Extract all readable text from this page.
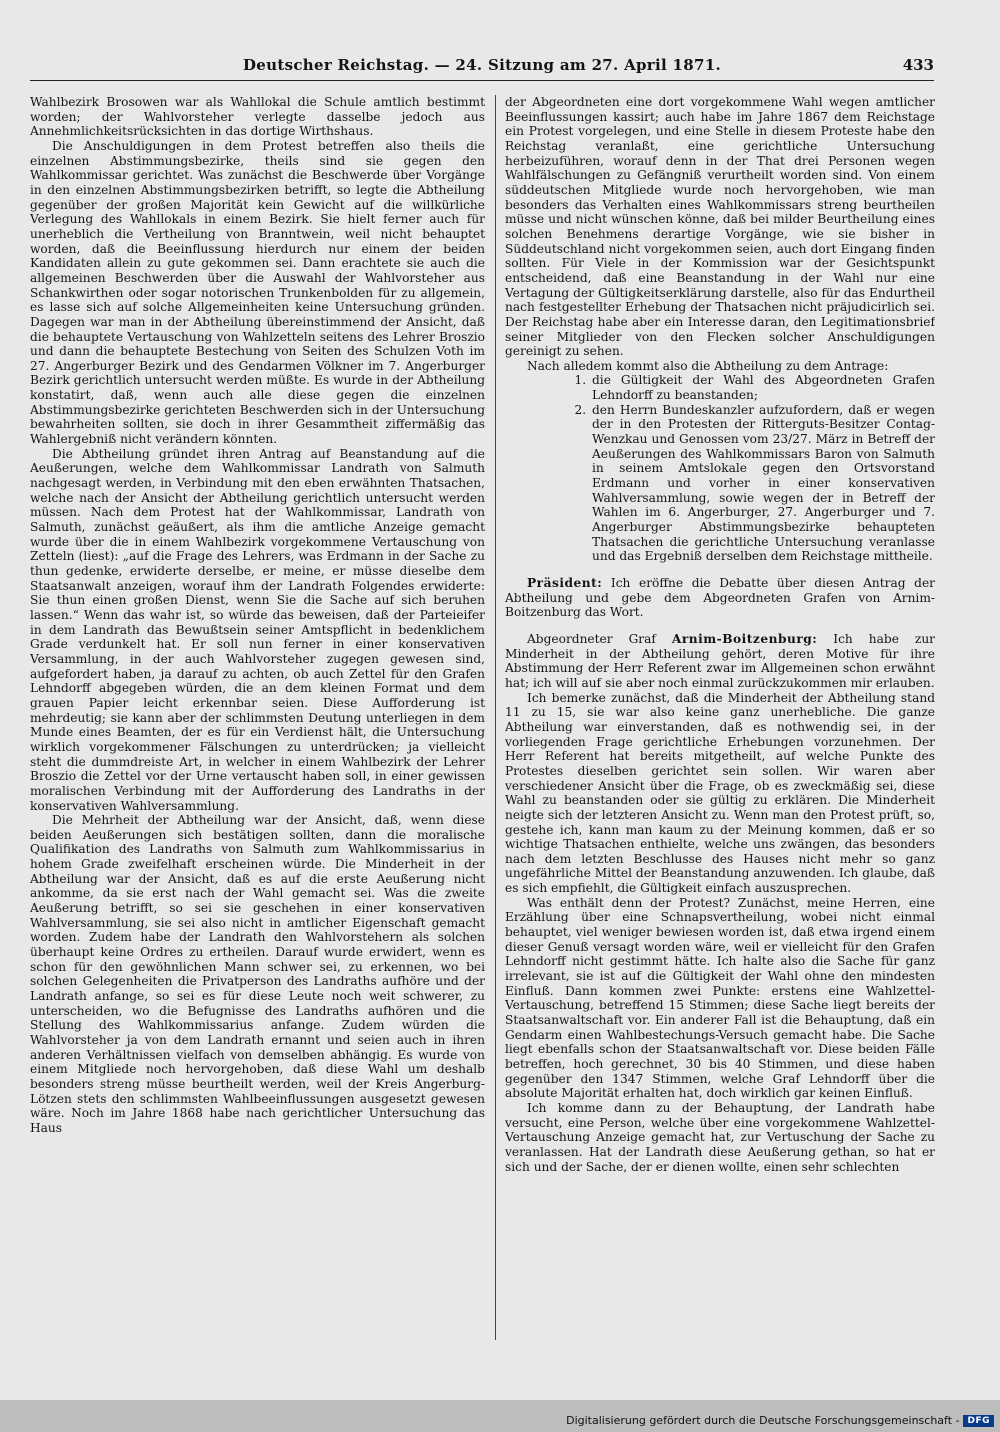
Deutscher Reichstag. — 24. Sitzung am 27. April 1871.	433

Wahlbezirk Brosowen war als Wahllokal die Schule amtlich bestimmt worden; der Wahlvorsteher verlegte dasselbe jedoch aus Annehmlichkeitsrücksichten in das dortige Wirthshaus.

Die Anschuldigungen in dem Protest betreffen also theils die einzelnen Abstimmungsbezirke, theils sind sie gegen den Wahlkommissar gerichtet. Was zunächst die Beschwerde über Vorgänge in den einzelnen Abstimmungsbezirken betrifft, so legte die Abtheilung gegenüber der großen Majorität kein Gewicht auf die willkürliche Verlegung des Wahllokals in einem Bezirk. Sie hielt ferner auch für unerheblich die Vertheilung von Branntwein, weil nicht behauptet worden, daß die Beeinflussung hierdurch nur einem der beiden Kandidaten allein zu gute gekommen sei. Dann erachtete sie auch die allgemeinen Beschwerden über die Auswahl der Wahlvorsteher aus Schankwirthen oder sogar notorischen Trunkenbolden für zu allgemein, es lasse sich auf solche Allgemeinheiten keine Untersuchung gründen. Dagegen war man in der Abtheilung übereinstimmend der Ansicht, daß die behauptete Vertauschung von Wahlzetteln seitens des Lehrer Broszio und dann die behauptete Bestechung von Seiten des Schulzen Voth im 27. Angerburger Bezirk und des Gendarmen Völkner im 7. Angerburger Bezirk gerichtlich untersucht werden müßte. Es wurde in der Abtheilung konstatirt, daß, wenn auch alle diese gegen die einzelnen Abstimmungsbezirke gerichteten Beschwerden sich in der Untersuchung bewahrheiten sollten, sie doch in ihrer Gesammtheit ziffermäßig das Wahlergebniß nicht verändern könnten.

Die Abtheilung gründet ihren Antrag auf Beanstandung auf die Aeußerungen, welche dem Wahlkommissar Landrath von Salmuth nachgesagt werden, in Verbindung mit den eben erwähnten Thatsachen, welche nach der Ansicht der Abtheilung gerichtlich untersucht werden müssen. Nach dem Protest hat der Wahlkommissar, Landrath von Salmuth, zunächst geäußert, als ihm die amtliche Anzeige gemacht wurde über die in einem Wahlbezirk vorgekommene Vertauschung von Zetteln (liest): „auf die Frage des Lehrers, was Erdmann in der Sache zu thun gedenke, erwiderte derselbe, er meine, er müsse dieselbe dem Staatsanwalt anzeigen, worauf ihm der Landrath Folgendes erwiderte: Sie thun einen großen Dienst, wenn Sie die Sache auf sich beruhen lassen.“ Wenn das wahr ist, so würde das beweisen, daß der Parteieifer in dem Landrath das Bewußtsein seiner Amtspflicht in bedenklichem Grade verdunkelt hat. Er soll nun ferner in einer konservativen Versammlung, in der auch Wahlvorsteher zugegen gewesen sind, aufgefordert haben, ja darauf zu achten, ob auch Zettel für den Grafen Lehndorff abgegeben würden, die an dem kleinen Format und dem grauen Papier leicht erkennbar seien. Diese Aufforderung ist mehrdeutig; sie kann aber der schlimmsten Deutung unterliegen in dem Munde eines Beamten, der es für ein Verdienst hält, die Untersuchung wirklich vorgekommener Fälschungen zu unterdrücken; ja vielleicht steht die dummdreiste Art, in welcher in einem Wahlbezirk der Lehrer Broszio die Zettel vor der Urne vertauscht haben soll, in einer gewissen moralischen Verbindung mit der Aufforderung des Landraths in der konservativen Wahlversammlung.

Die Mehrheit der Abtheilung war der Ansicht, daß, wenn diese beiden Aeußerungen sich bestätigen sollten, dann die moralische Qualifikation des Landraths von Salmuth zum Wahlkommissarius in hohem Grade zweifelhaft erscheinen würde. Die Minderheit in der Abtheilung war der Ansicht, daß es auf die erste Aeußerung nicht ankomme, da sie erst nach der Wahl gemacht sei. Was die zweite Aeußerung betrifft, so sei sie geschehen in einer konservativen Wahlversammlung, sie sei also nicht in amtlicher Eigenschaft gemacht worden. Zudem habe der Landrath den Wahlvorstehern als solchen überhaupt keine Ordres zu ertheilen. Darauf wurde erwidert, wenn es schon für den gewöhnlichen Mann schwer sei, zu erkennen, wo bei solchen Gelegenheiten die Privatperson des Landraths aufhöre und der Landrath anfange, so sei es für diese Leute noch weit schwerer, zu unterscheiden, wo die Befugnisse des Landraths aufhören und die Stellung des Wahlkommissarius anfange. Zudem würden die Wahlvorsteher ja von dem Landrath ernannt und seien auch in ihren anderen Verhältnissen vielfach von demselben abhängig. Es wurde von einem Mitgliede noch hervorgehoben, daß diese Wahl um deshalb besonders streng müsse beurtheilt werden, weil der Kreis Angerburg-Lötzen stets den schlimmsten Wahlbeeinflussungen ausgesetzt gewesen wäre. Noch im Jahre 1868 habe nach gerichtlicher Untersuchung das Haus

der Abgeordneten eine dort vorgekommene Wahl wegen amtlicher Beeinflussungen kassirt; auch habe im Jahre 1867 dem Reichstage ein Protest vorgelegen, und eine Stelle in diesem Proteste habe den Reichstag veranlaßt, eine gerichtliche Untersuchung herbeizuführen, worauf denn in der That drei Personen wegen Wahlfälschungen zu Gefängniß verurtheilt worden sind. Von einem süddeutschen Mitgliede wurde noch hervorgehoben, wie man besonders das Verhalten eines Wahlkommissars streng beurtheilen müsse und nicht wünschen könne, daß bei milder Beurtheilung eines solchen Benehmens derartige Vorgänge, wie sie bisher in Süddeutschland nicht vorgekommen seien, auch dort Eingang finden sollten. Für Viele in der Kommission war der Gesichtspunkt entscheidend, daß eine Beanstandung in der Wahl nur eine Vertagung der Gültigkeitserklärung darstelle, also für das Endurtheil nach festgestellter Erhebung der Thatsachen nicht präjudicirlich sei. Der Reichstag habe aber ein Interesse daran, den Legitimationsbrief seiner Mitglieder von den Flecken solcher Anschuldigungen gereinigt zu sehen.

Nach alledem kommt also die Abtheilung zu dem Antrage:

1. die Gültigkeit der Wahl des Abgeordneten Grafen Lehndorff zu beanstanden;
2. den Herrn Bundeskanzler aufzufordern, daß er wegen der in den Protesten der Ritterguts-Besitzer Contag-Wenzkau und Genossen vom 23/27. März in Betreff der Aeußerungen des Wahlkommissars Baron von Salmuth in seinem Amtslokale gegen den Ortsvorstand Erdmann und vorher in einer konservativen Wahlversammlung, sowie wegen der in Betreff der Wahlen im 6. Angerburger, 27. Angerburger und 7. Angerburger Abstimmungsbezirke behaupteten Thatsachen die gerichtliche Untersuchung veranlasse und das Ergebniß derselben dem Reichstage mittheile.

Präsident: Ich eröffne die Debatte über diesen Antrag der Abtheilung und gebe dem Abgeordneten Grafen von Arnim-Boitzenburg das Wort.

Abgeordneter Graf Arnim-Boitzenburg: Ich habe zur Minderheit in der Abtheilung gehört, deren Motive für ihre Abstimmung der Herr Referent zwar im Allgemeinen schon erwähnt hat; ich will auf sie aber noch einmal zurückzukommen mir erlauben.

Ich bemerke zunächst, daß die Minderheit der Abtheilung stand 11 zu 15, sie war also keine ganz unerhebliche. Die ganze Abtheilung war einverstanden, daß es nothwendig sei, in der vorliegenden Frage gerichtliche Erhebungen vorzunehmen. Der Herr Referent hat bereits mitgetheilt, auf welche Punkte des Protestes dieselben gerichtet sein sollen. Wir waren aber verschiedener Ansicht über die Frage, ob es zweckmäßig sei, diese Wahl zu beanstanden oder sie gültig zu erklären. Die Minderheit neigte sich der letzteren Ansicht zu. Wenn man den Protest prüft, so, gestehe ich, kann man kaum zu der Meinung kommen, daß er so wichtige Thatsachen enthielte, welche uns zwängen, das besonders nach dem letzten Beschlusse des Hauses nicht mehr so ganz ungefährliche Mittel der Beanstandung anzuwenden. Ich glaube, daß es sich empfiehlt, die Gültigkeit einfach auszusprechen.

Was enthält denn der Protest? Zunächst, meine Herren, eine Erzählung über eine Schnapsvertheilung, wobei nicht einmal behauptet, viel weniger bewiesen worden ist, daß etwa irgend einem dieser Genuß versagt worden wäre, weil er vielleicht für den Grafen Lehndorff nicht gestimmt hätte. Ich halte also die Sache für ganz irrelevant, sie ist auf die Gültigkeit der Wahl ohne den mindesten Einfluß. Dann kommen zwei Punkte: erstens eine Wahlzettel-Vertauschung, betreffend 15 Stimmen; diese Sache liegt bereits der Staatsanwaltschaft vor. Ein anderer Fall ist die Behauptung, daß ein Gendarm einen Wahlbestechungs-Versuch gemacht habe. Die Sache liegt ebenfalls schon der Staatsanwaltschaft vor. Diese beiden Fälle betreffen, hoch gerechnet, 30 bis 40 Stimmen, und diese haben gegenüber den 1347 Stimmen, welche Graf Lehndorff über die absolute Majorität erhalten hat, doch wirklich gar keinen Einfluß.

Ich komme dann zu der Behauptung, der Landrath habe versucht, eine Person, welche über eine vorgekommene Wahlzettel-Vertauschung Anzeige gemacht hat, zur Vertuschung der Sache zu veranlassen. Hat der Landrath diese Aeußerung gethan, so hat er sich und der Sache, der er dienen wollte, einen sehr schlechten

Digitalisierung gefördert durch die Deutsche Forschungsgemeinschaft - DFG
